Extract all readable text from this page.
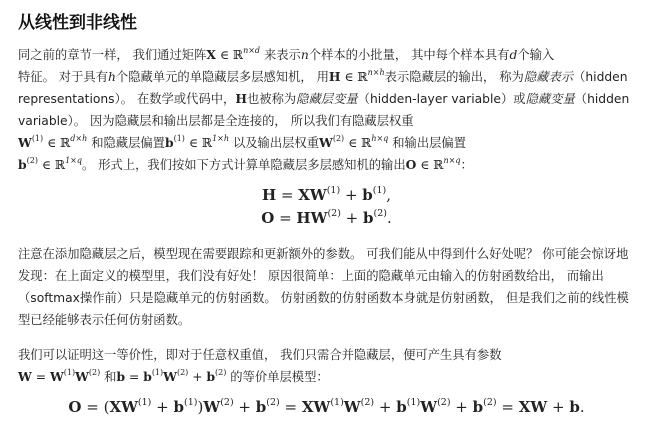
从线性到非线性

同之前的章节一样， 我们通过矩阵X ∈ ℝ$^{n\times d}$ 来表示n个样本的小批量， 其中每个样本具有d个输入
特征。 对于具有h个隐藏单元的单隐藏层多层感知机， 用H ∈ ℝ$^{n\times h}$表示隐藏层的输出， 称为隐藏表示（hidden representations）。 在数学或代码中，H也被称为隐藏层变量（hidden-layer variable）或隐藏变量（hidden variable）。 因为隐藏层和输出层都是全连接的， 所以我们有隐藏层权重
$W^{(1)}$ ∈ ℝ$^{d\times h}$ 和隐藏层偏置$b^{(1)}$ ∈ ℝ$^{1\times h}$ 以及输出层权重$W^{(2)}$ ∈ ℝ$^{h\times q}$ 和输出层偏置
$b^{(2)}$ ∈ ℝ$^{1\times q}$。 形式上，我们按如下方式计算单隐藏层多层感知机的输出O ∈ ℝ$^{n\times q}$：

$H = XW^{(1)} + b^{(1)}$,

$O = HW^{(2)} + b^{(2)}$.

注意在添加隐藏层之后，模型现在需要跟踪和更新额外的参数。 可我们能从中得到什么好处呢？ 你可能会惊讶地发现：在上面定义的模型里，我们没有好处！ 原因很简单：上面的隐藏单元由输入的仿射函数给出， 而输出（softmax操作前）只是隐藏单元的仿射函数。 仿射函数的仿射函数本身就是仿射函数， 但是我们之前的线性模型已经能够表示任何仿射函数。

我们可以证明这一等价性，即对于任意权重值， 我们只需合并隐藏层，便可产生具有参数
$W = W^{(1)}W^{(2)}$ 和$b = b^{(1)}W^{(2)} + b^{(2)}$ 的等价单层模型：

$O = (XW^{(1)} + b^{(1)})W^{(2)} + b^{(2)} = XW^{(1)}W^{(2)} + b^{(1)}W^{(2)} + b^{(2)}$ = XW + b.
